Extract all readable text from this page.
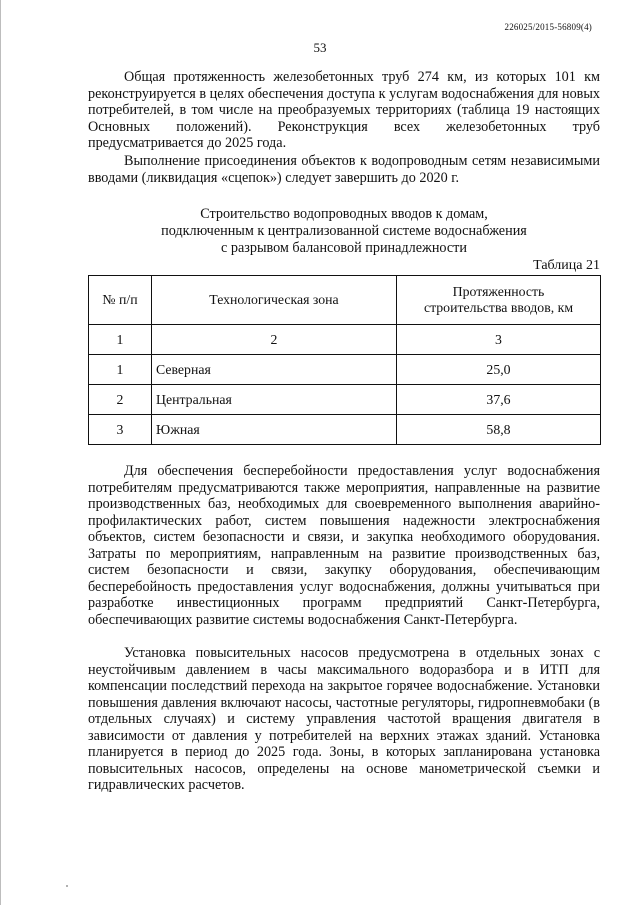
226025/2015-56809(4)
53

Общая протяженность железобетонных труб 274 км, из которых 101 км реконструируется в целях обеспечения доступа к услугам водоснабжения для новых потребителей, в том числе на преобразуемых территориях (таблица 19 настоящих Основных положений). Реконструкция всех железобетонных труб предусматривается до 2025 года.

Выполнение присоединения объектов к водопроводным сетям независимыми вводами (ликвидация «сцепок») следует завершить до 2020 г.

Строительство водопроводных вводов к домам,
подключенным к централизованной системе водоснабжения
с разрывом балансовой принадлежности
Таблица 21
№ п/п	Технологическая зона	Протяженность
строительства вводов, км

1	2	3
1	Северная	25,0
2	Центральная	37,6
3	Южная	58,8

Для обеспечения бесперебойности предоставления услуг водоснабжения потребителям предусматриваются также мероприятия, направленные на развитие производственных баз, необходимых для своевременного выполнения аварийно-профилактических работ, систем повышения надежности электроснабжения объектов, систем безопасности и связи, и закупка необходимого оборудования. Затраты по мероприятиям, направленным на развитие производственных баз, систем безопасности и связи, закупку оборудования, обеспечивающим бесперебойность предоставления услуг водоснабжения, должны учитываться при разработке инвестиционных программ предприятий Санкт-Петербурга, обеспечивающих развитие системы водоснабжения Санкт-Петербурга.

Установка повысительных насосов предусмотрена в отдельных зонах с неустойчивым давлением в часы максимального водоразбора и в ИТП для компенсации последствий перехода на закрытое горячее водоснабжение. Установки повышения давления включают насосы, частотные регуляторы, гидропневмобаки (в отдельных случаях) и систему управления частотой вращения двигателя в зависимости от давления у потребителей на верхних этажах зданий. Установка планируется в период до 2025 года. Зоны, в которых запланирована установка повысительных насосов, определены на основе манометрической съемки и гидравлических расчетов.
